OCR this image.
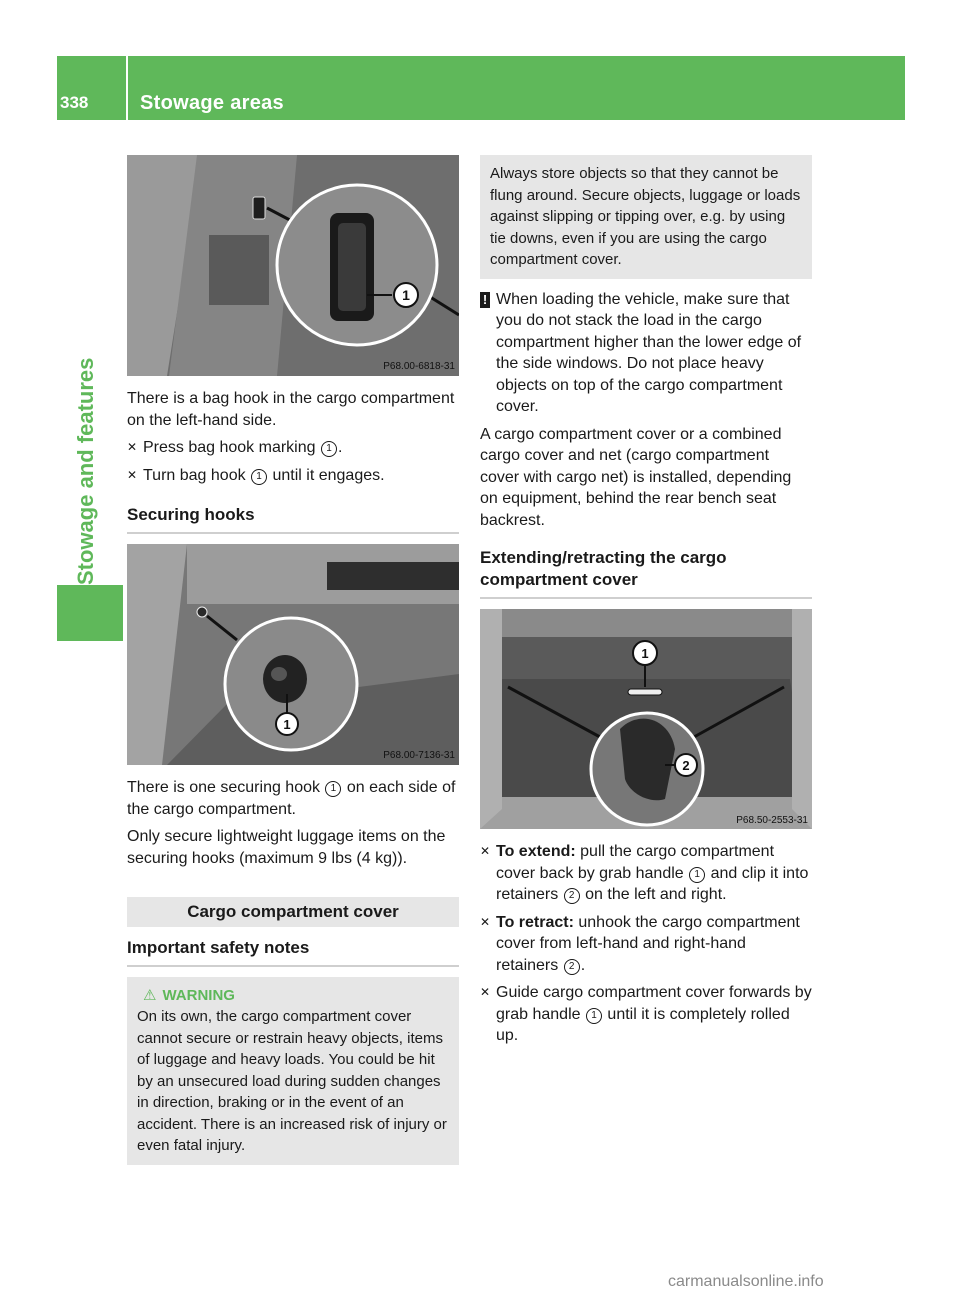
338	Stowage areas
Stowage and features
1
P68.00-6818-31

There is a bag hook in the cargo compartment on the left-hand side.

✕ Press bag hook marking 1 .
✕ Turn bag hook 1 until it engages.
Securing hooks
1
P68.00-7136-31

There is one securing hook 1 on each side of the cargo compartment.

Only secure lightweight luggage items on the securing hooks (maximum 9 lbs (4 kg)).

Cargo compartment cover
Important safety notes
⚠ WARNING
On its own, the cargo compartment cover cannot secure or restrain heavy objects, items of luggage and heavy loads. You could be hit by an unsecured load during sudden changes in direction, braking or in the event of an accident. There is an increased risk of injury or even fatal injury.
Always store objects so that they cannot be flung around. Secure objects, luggage or loads against slipping or tipping over, e.g. by using tie downs, even if you are using the cargo compartment cover.
! When loading the vehicle, make sure that you do not stack the load in the cargo compartment higher than the lower edge of the side windows. Do not place heavy objects on top of the cargo compartment cover.

A cargo compartment cover or a combined cargo cover and net (cargo compartment cover with cargo net) is installed, depending on equipment, behind the rear bench seat backrest.

Extending/retracting the cargo compartment cover
1
2
P68.50-2553-31
✕ To extend: pull the cargo compartment cover back by grab handle 1 and clip it into retainers 2 on the left and right.
✕ To retract: unhook the cargo compartment cover from left-hand and right-hand retainers 2 .
✕ Guide cargo compartment cover forwards by grab handle 1 until it is completely rolled up.
carmanualsonline.info
